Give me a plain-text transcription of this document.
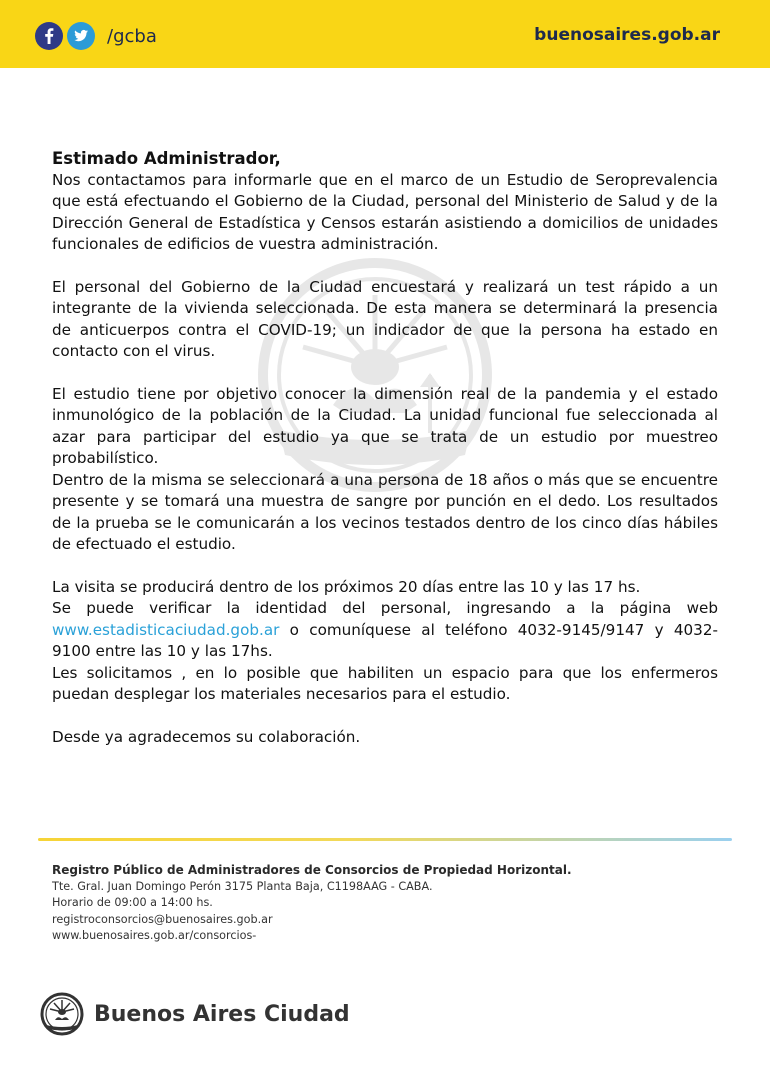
/gcba	buenosaires.gob.ar

Estimado Administrador,

Nos contactamos para informarle que en el marco de un Estudio de Seroprevalencia que está efectuando el Gobierno de la Ciudad, personal del Ministerio de Salud y de la Dirección General de Estadística y Censos estarán asistiendo a domicilios de unidades funcionales de edificios de vuestra administración.

El personal del Gobierno de la Ciudad encuestará y realizará un test rápido a un integrante de la vivienda seleccionada. De esta manera se determinará la presencia de anticuerpos contra el COVID-19; un indicador de que la persona ha estado en contacto con el virus.

El estudio tiene por objetivo conocer la dimensión real de la pandemia y el estado inmunológico de la población de la Ciudad. La unidad funcional fue seleccionada al azar para participar del estudio ya que se trata de un estudio por muestreo probabilístico.

Dentro de la misma se seleccionará a una persona de 18 años o más que se encuentre presente y se tomará una muestra de sangre por punción en el dedo. Los resultados de la prueba se le comunicarán a los vecinos testados dentro de los cinco días hábiles de efectuado el estudio.

La visita se producirá dentro de los próximos 20 días entre las 10 y las 17 hs.

Se puede verificar la identidad del personal, ingresando a la página web www.estadisticaciudad.gob.ar o comuníquese al teléfono 4032-9145/9147 y 4032-9100 entre las 10 y las 17hs.

Les solicitamos , en lo posible que habiliten un espacio para que los enfermeros puedan desplegar los materiales necesarios para el estudio.

Desde ya agradecemos su colaboración.

Registro Público de Administradores de Consorcios de Propiedad Horizontal.
Tte. Gral. Juan Domingo Perón 3175 Planta Baja, C1198AAG - CABA.
Horario de 09:00 a 14:00 hs.
registroconsorcios@buenosaires.gob.ar
www.buenosaires.gob.ar/consorcios-
Buenos Aires Ciudad
